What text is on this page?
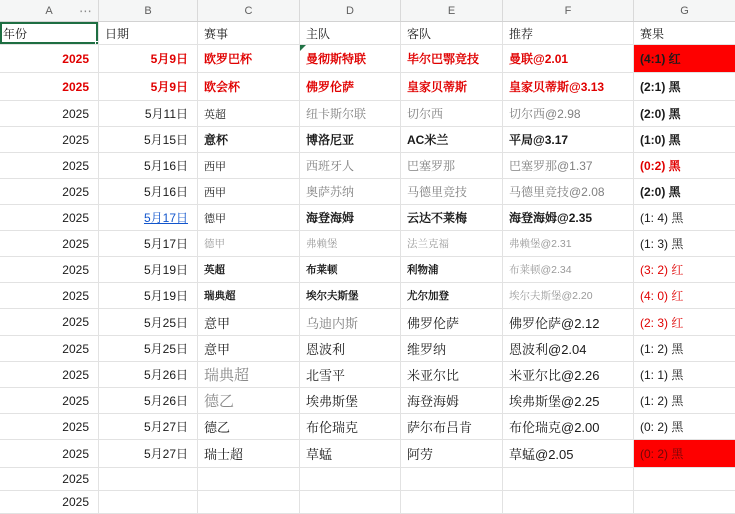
A ⋯	B	C	D	E	F	G
年份	日期	赛事	主队	客队	推荐	赛果
2025	5月9日	欧罗巴杯	曼彻斯特联	毕尔巴鄂竞技	曼联@2.01	(4:1) 红
2025	5月9日	欧会杯	佛罗伦萨	皇家贝蒂斯	皇家贝蒂斯@3.13	(2:1) 黑
2025	5月11日	英超	纽卡斯尔联	切尔西	切尔西@2.98	(2:0) 黑
2025	5月15日	意杯	博洛尼亚	AC米兰	平局@3.17	(1:0) 黑
2025	5月16日	西甲	西班牙人	巴塞罗那	巴塞罗那@1.37	(0:2) 黑
2025	5月16日	西甲	奥萨苏纳	马德里竞技	马德里竞技@2.08	(2:0) 黑
2025	5月17日	德甲	海登海姆	云达不莱梅	海登海姆@2.35	(1: 4) 黑
2025	5月17日	德甲	弗赖堡	法兰克福	弗赖堡@2.31	(1: 3) 黑
2025	5月19日	英超	布莱顿	利物浦	布莱顿@2.34	(3: 2) 红
2025	5月19日	瑞典超	埃尔夫斯堡	尤尔加登	埃尔夫斯堡@2.20	(4: 0) 红
2025	5月25日	意甲	乌迪内斯	佛罗伦萨	佛罗伦萨@2.12	(2: 3) 红
2025	5月25日	意甲	恩波利	维罗纳	恩波利@2.04	(1: 2) 黑
2025	5月26日	瑞典超	北雪平	米亚尔比	米亚尔比@2.26	(1: 1) 黑
2025	5月26日	德乙	埃弗斯堡	海登海姆	埃弗斯堡@2.25	(1: 2) 黑
2025	5月27日	德乙	布伦瑞克	萨尔布吕肯	布伦瑞克@2.00	(0: 2) 黑
2025	5月27日	瑞士超	草蜢	阿劳	草蜢@2.05	(0: 2) 黑
2025
2025
